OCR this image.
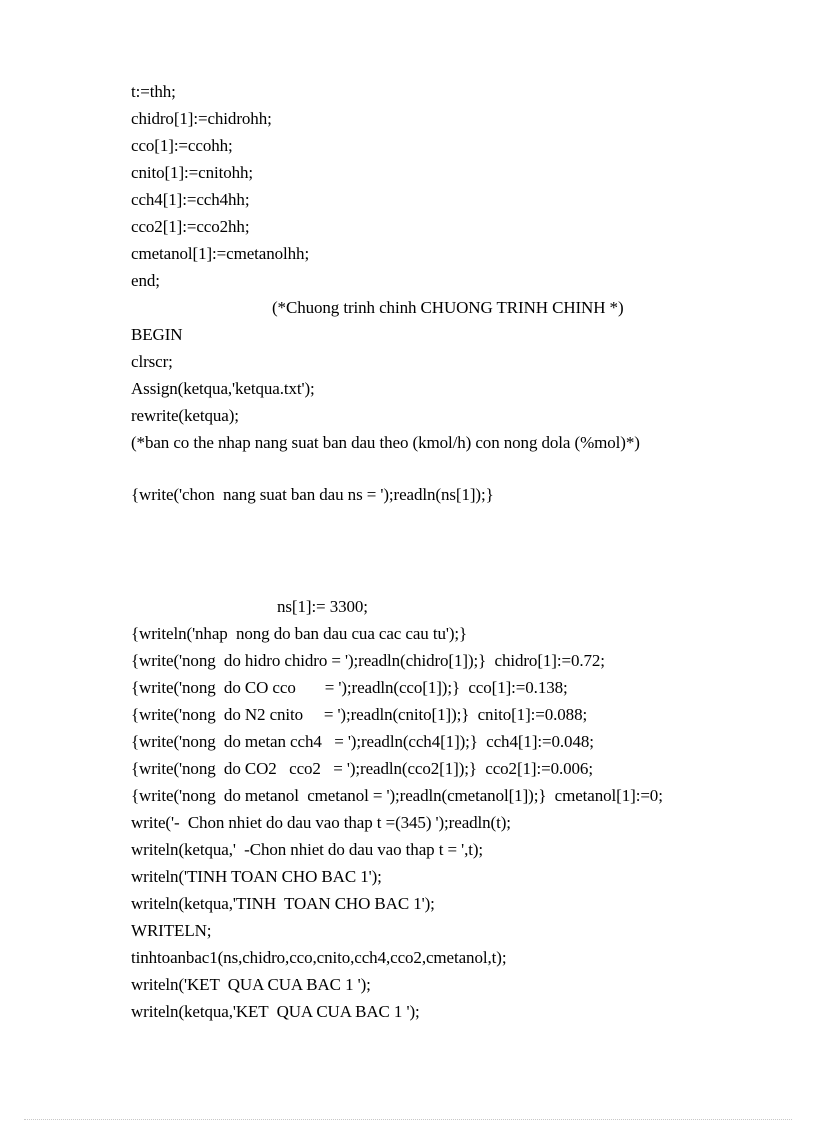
t:=thh;
chidro[1]:=chidrohh;
cco[1]:=ccohh;
cnito[1]:=cnitohh;
cch4[1]:=cch4hh;
cco2[1]:=cco2hh;
cmetanol[1]:=cmetanolhh;
end;
(*Chuong trinh chinh CHUONG TRINH CHINH *)
BEGIN
clrscr;
Assign(ketqua,'ketqua.txt');
rewrite(ketqua);
(*ban co the nhap nang suat ban dau theo (kmol/h) con nong dola (%mol)*)
{write('chon  nang suat ban dau ns = ');readln(ns[1]);}
ns[1]:= 3300;
{writeln('nhap  nong do ban dau cua cac cau tu');}
{write('nong  do hidro chidro = ');readln(chidro[1]);}  chidro[1]:=0.72;
{write('nong  do CO cco       = ');readln(cco[1]);}  cco[1]:=0.138;
{write('nong  do N2 cnito     = ');readln(cnito[1]);}  cnito[1]:=0.088;
{write('nong  do metan cch4   = ');readln(cch4[1]);}  cch4[1]:=0.048;
{write('nong  do CO2   cco2   = ');readln(cco2[1]);}  cco2[1]:=0.006;
{write('nong  do metanol  cmetanol = ');readln(cmetanol[1]);}  cmetanol[1]:=0;
write('-  Chon nhiet do dau vao thap t =(345) ');readln(t);
writeln(ketqua,'  -Chon nhiet do dau vao thap t = ',t);
writeln('TINH TOAN CHO BAC 1');
writeln(ketqua,'TINH  TOAN CHO BAC 1');
WRITELN;
tinhtoanbac1(ns,chidro,cco,cnito,cch4,cco2,cmetanol,t);
writeln('KET  QUA CUA BAC 1 ');
writeln(ketqua,'KET  QUA CUA BAC 1 ');
